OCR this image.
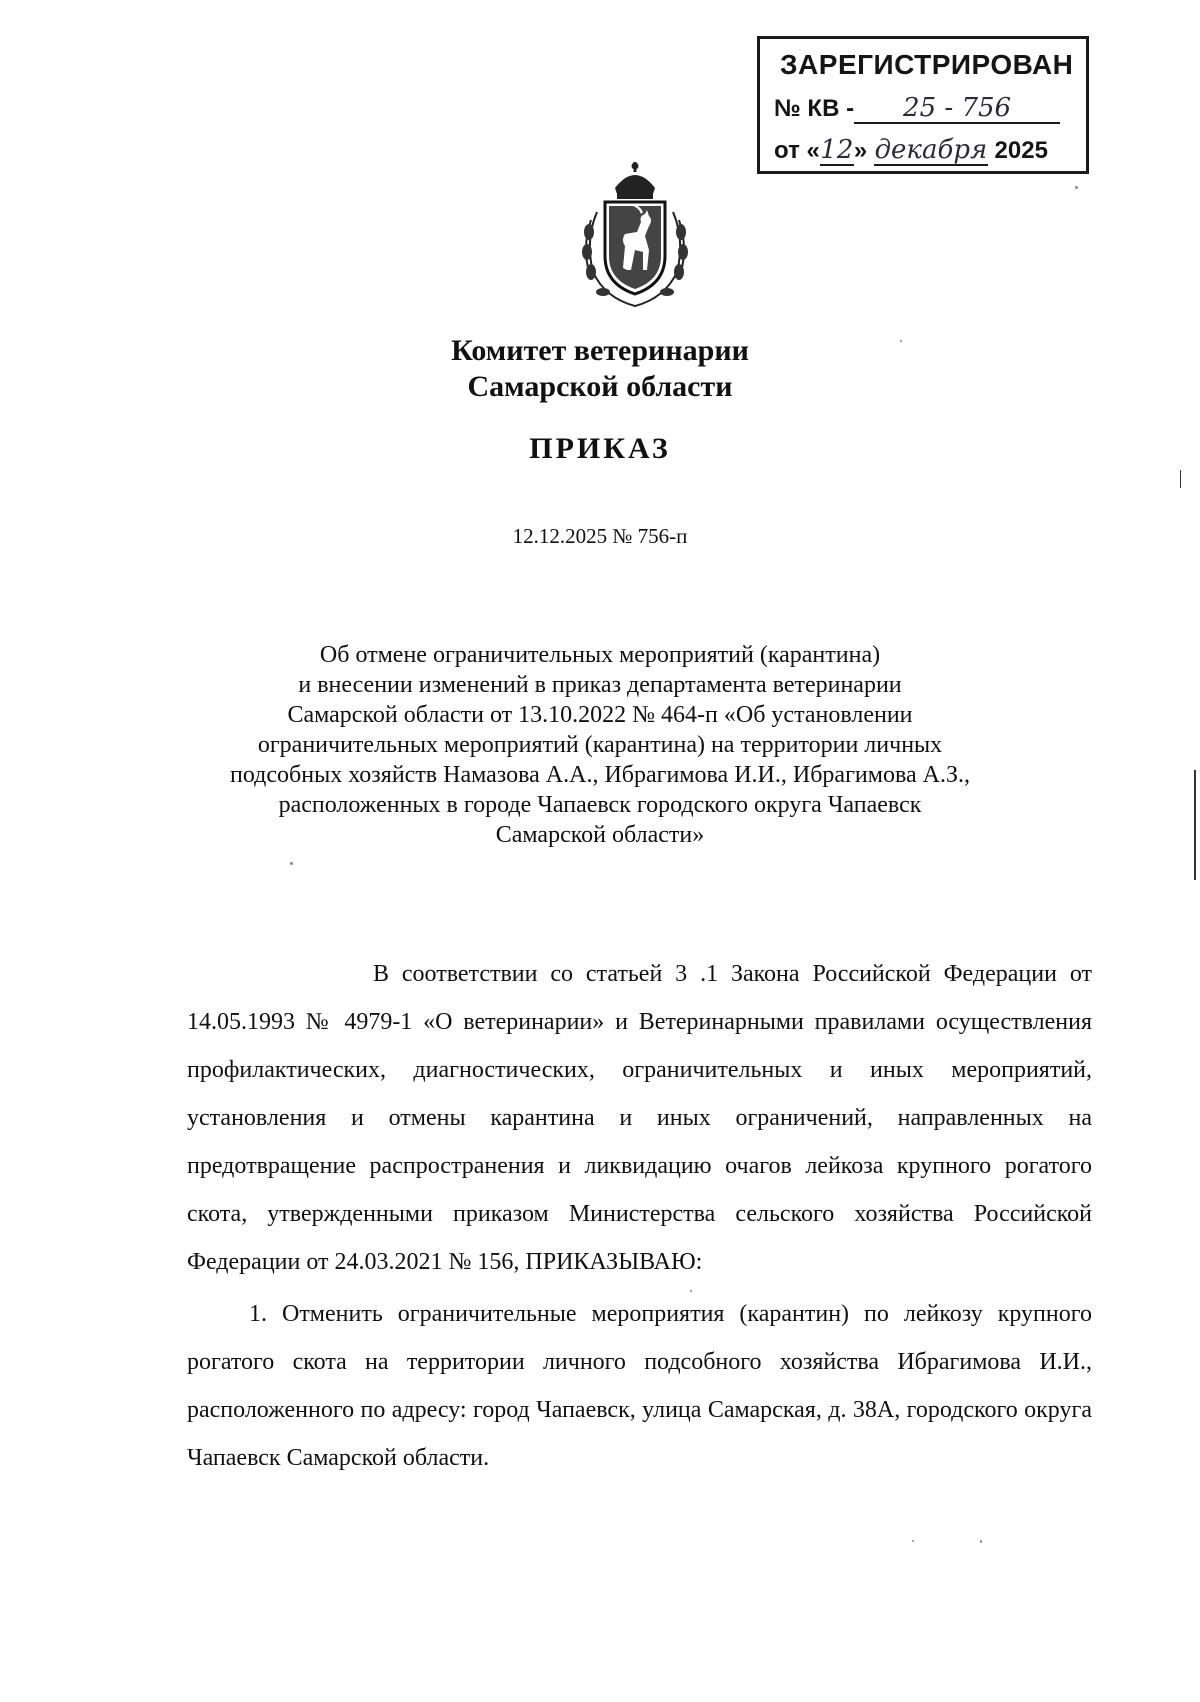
ЗАРЕГИСТРИРОВАН
№ КВ - 25 - 756
от «12» декабря 2025
Комитет ветеринарии
Самарской области
ПРИКАЗ
12.12.2025 № 756-п
Об отмене ограничительных мероприятий (карантина)
и внесении изменений в приказ департамента ветеринарии
Самарской области от 13.10.2022 № 464-п «Об установлении
ограничительных мероприятий (карантина) на территории личных
подсобных хозяйств Намазова А.А., Ибрагимова И.И., Ибрагимова А.З.,
расположенных в городе Чапаевск городского округа Чапаевск
Самарской области»
В соответствии со статьей 3 .1 Закона Российской Федерации от 14.05.1993 № 4979-1 «О ветеринарии» и Ветеринарными правилами осуществления профилактических, диагностических, ограничительных и иных мероприятий, установления и отмены карантина и иных ограничений, направленных на предотвращение распространения и ликвидацию очагов лейкоза крупного рогатого скота, утвержденными приказом Министерства сельского хозяйства Российской Федерации от 24.03.2021 № 156, ПРИКАЗЫВАЮ:
1. Отменить ограничительные мероприятия (карантин) по лейкозу крупного рогатого скота на территории личного подсобного хозяйства Ибрагимова И.И., расположенного по адресу: город Чапаевск, улица Самарская, д. 38А, городского округа Чапаевск Самарской области.
